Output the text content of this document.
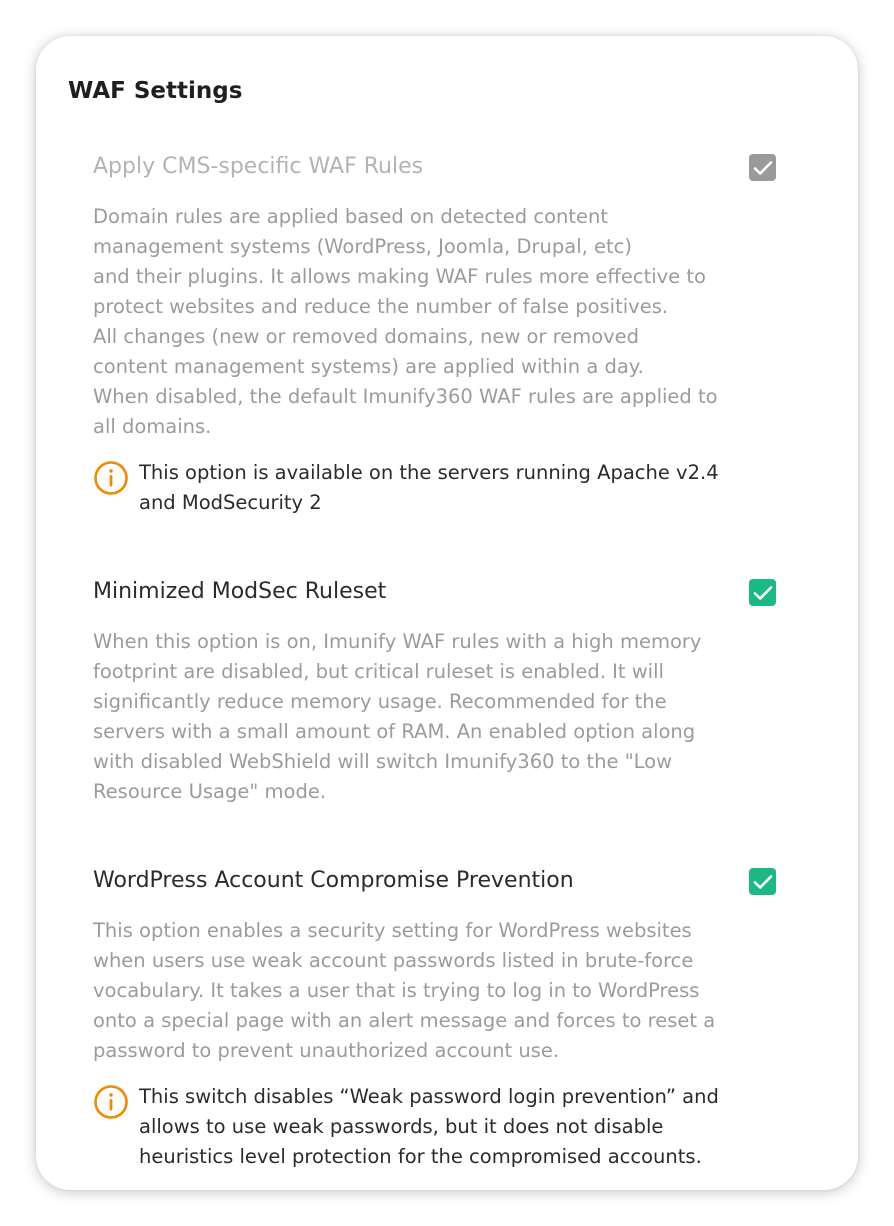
WAF Settings
Apply CMS-specific WAF Rules
Domain rules are applied based on detected content
management systems (WordPress, Joomla, Drupal, etc)
and their plugins. It allows making WAF rules more effective to
protect websites and reduce the number of false positives.
All changes (new or removed domains, new or removed
content management systems) are applied within a day.
When disabled, the default Imunify360 WAF rules are applied to
all domains.
This option is available on the servers running Apache v2.4
and ModSecurity 2
Minimized ModSec Ruleset
When this option is on, Imunify WAF rules with a high memory
footprint are disabled, but critical ruleset is enabled. It will
significantly reduce memory usage. Recommended for the
servers with a small amount of RAM. An enabled option along
with disabled WebShield will switch Imunify360 to the "Low
Resource Usage" mode.
WordPress Account Compromise Prevention
This option enables a security setting for WordPress websites
when users use weak account passwords listed in brute-force
vocabulary. It takes a user that is trying to log in to WordPress
onto a special page with an alert message and forces to reset a
password to prevent unauthorized account use.
This switch disables “Weak password login prevention” and
allows to use weak passwords, but it does not disable
heuristics level protection for the compromised accounts.
